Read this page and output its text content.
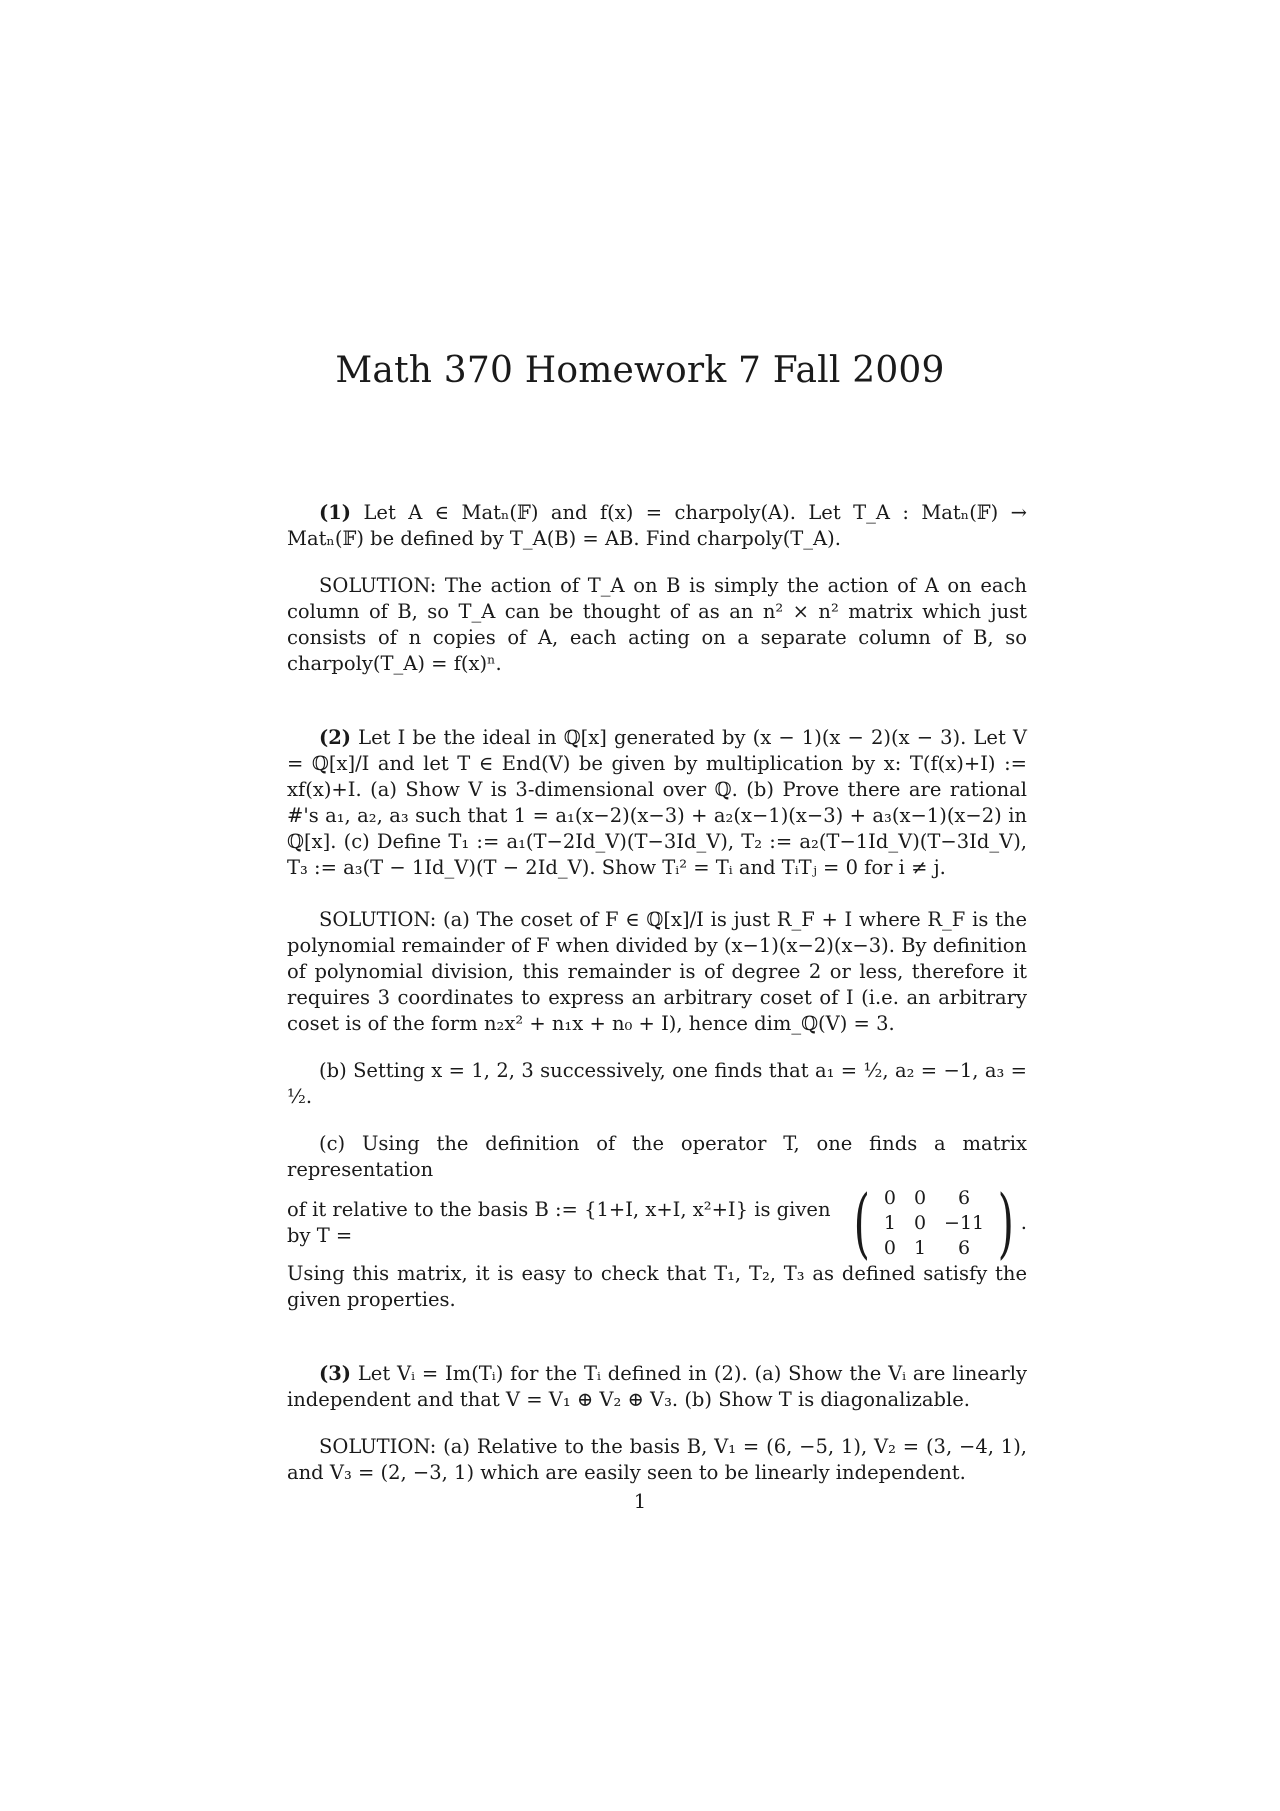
Math 370 Homework 7 Fall 2009

(1) Let A ∈ Matₙ(𝔽) and f(x) = charpoly(A). Let T_A : Matₙ(𝔽) → Matₙ(𝔽) be defined by T_A(B) = AB. Find charpoly(T_A).

SOLUTION: The action of T_A on B is simply the action of A on each column of B, so T_A can be thought of as an n² × n² matrix which just consists of n copies of A, each acting on a separate column of B, so charpoly(T_A) = f(x)ⁿ.

(2) Let I be the ideal in ℚ[x] generated by (x − 1)(x − 2)(x − 3). Let V = ℚ[x]/I and let T ∈ End(V) be given by multiplication by x: T(f(x)+I) := xf(x)+I. (a) Show V is 3-dimensional over ℚ. (b) Prove there are rational #'s a₁, a₂, a₃ such that 1 = a₁(x−2)(x−3) + a₂(x−1)(x−3) + a₃(x−1)(x−2) in ℚ[x]. (c) Define T₁ := a₁(T−2Id_V)(T−3Id_V), T₂ := a₂(T−1Id_V)(T−3Id_V), T₃ := a₃(T − 1Id_V)(T − 2Id_V). Show Tᵢ² = Tᵢ and TᵢTⱼ = 0 for i ≠ j.

SOLUTION: (a) The coset of F ∈ ℚ[x]/I is just R_F + I where R_F is the polynomial remainder of F when divided by (x−1)(x−2)(x−3). By definition of polynomial division, this remainder is of degree 2 or less, therefore it requires 3 coordinates to express an arbitrary coset of I (i.e. an arbitrary coset is of the form n₂x² + n₁x + n₀ + I), hence dim_ℚ(V) = 3.

(b) Setting x = 1, 2, 3 successively, one finds that a₁ = ½, a₂ = −1, a₃ = ½.

(c) Using the definition of the operator T, one finds a matrix representation

of it relative to the basis B := {1+I, x+I, x²+I} is given by T =	( 0	0	6
1	0	−11
0	1	6 ) .

Using this matrix, it is easy to check that T₁, T₂, T₃ as defined satisfy the given properties.

(3) Let Vᵢ = Im(Tᵢ) for the Tᵢ defined in (2). (a) Show the Vᵢ are linearly independent and that V = V₁ ⊕ V₂ ⊕ V₃. (b) Show T is diagonalizable.

SOLUTION: (a) Relative to the basis B, V₁ = (6, −5, 1), V₂ = (3, −4, 1), and V₃ = (2, −3, 1) which are easily seen to be linearly independent.

1
